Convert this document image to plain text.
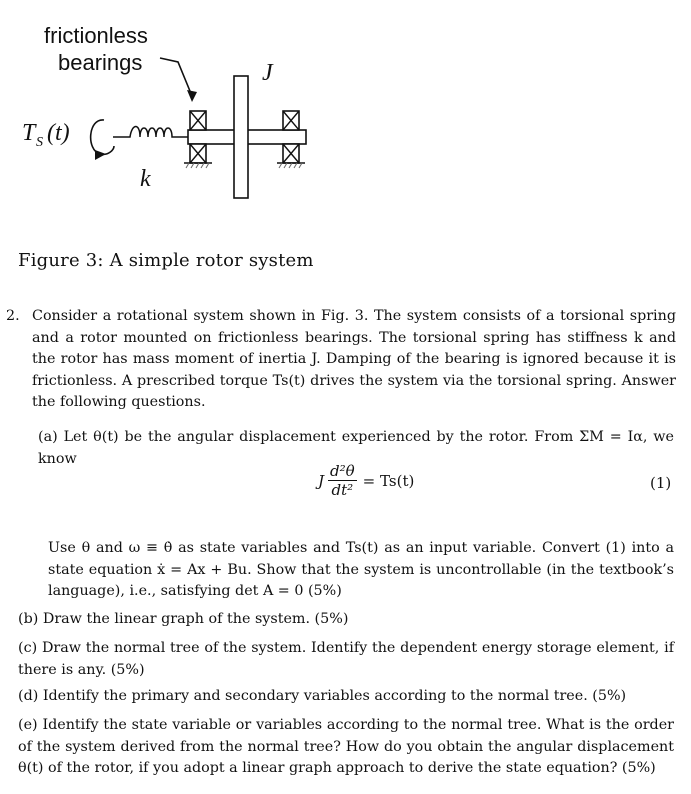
frictionless
bearings	J
T S (t)
k
Figure 3: A simple rotor system
2. Consider a rotational system shown in Fig. 3. The system consists of a torsional spring and a rotor mounted on frictionless bearings. The torsional spring has stiffness k and the rotor has mass moment of inertia J. Damping of the bearing is ignored because it is frictionless. A prescribed torque Ts(t) drives the system via the torsional spring. Answer the following questions.
(a) Let θ(t) be the angular displacement experienced by the rotor. From ΣM = Iα, we know
J $\frac{\text{d²θ}}{\text{dt²}} = Ts(t)$	(1)
Use θ and ω ≡ θ̇ as state variables and Ts(t) as an input variable. Convert (1) into a state equation ẋ = Ax + Bu. Show that the system is uncontrollable (in the textbook’s language), i.e., satisfying det A = 0 (5%)
(b) Draw the linear graph of the system. (5%)
(c) Draw the normal tree of the system. Identify the dependent energy storage element, if there is any. (5%)
(d) Identify the primary and secondary variables according to the normal tree. (5%)
(e) Identify the state variable or variables according to the normal tree. What is the order of the system derived from the normal tree? How do you obtain the angular displacement θ(t) of the rotor, if you adopt a linear graph approach to derive the state equation? (5%)
